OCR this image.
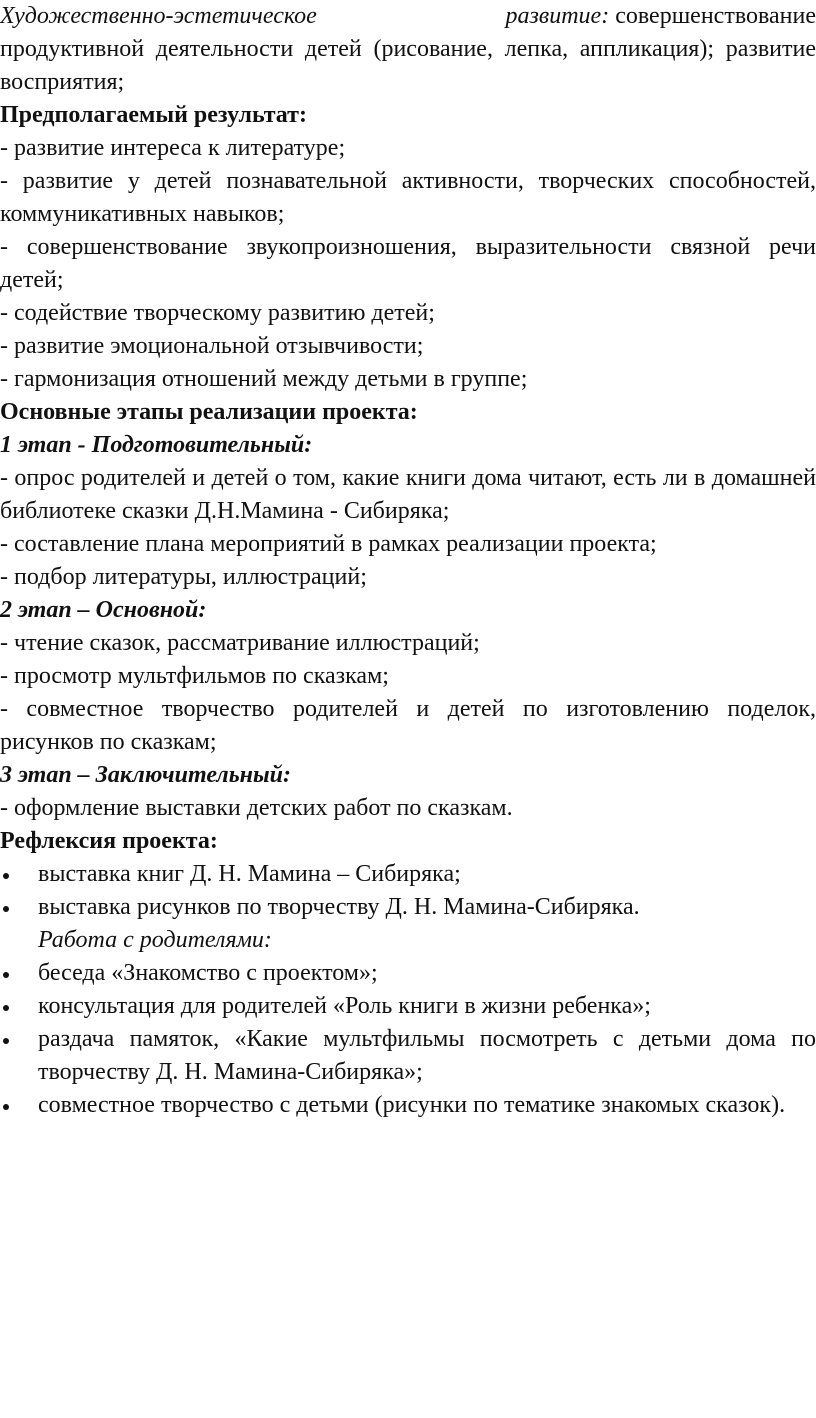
Художественно-эстетическое	развитие: совершенствование

продуктивной деятельности детей (рисование, лепка, аппликация); развитие восприятия;

Предполагаемый результат:

- развитие интереса к литературе;

- развитие у детей познавательной активности, творческих способностей, коммуникативных навыков;

- совершенствование звукопроизношения, выразительности связной речи детей;

- содействие творческому развитию детей;

- развитие эмоциональной отзывчивости;

- гармонизация отношений между детьми в группе;

Основные этапы реализации проекта:

1 этап - Подготовительный:

- опрос родителей и детей о том, какие книги дома читают, есть ли в домашней библиотеке сказки Д.Н.Мамина - Сибиряка;

- составление плана мероприятий в рамках реализации проекта;

- подбор литературы, иллюстраций;

2 этап – Основной:

- чтение сказок, рассматривание иллюстраций;

- просмотр мультфильмов по сказкам;

- совместное творчество родителей и детей по изготовлению поделок, рисунков по сказкам;

3 этап – Заключительный:

- оформление выставки детских работ по сказкам.

Рефлексия проекта:

выставка книг Д. Н. Мамина – Сибиряка;
выставка рисунков по творчеству Д. Н. Мамина-Сибиряка.

Работа с родителями:

беседа «Знакомство с проектом»;
консультация для родителей «Роль книги в жизни ребенка»;
раздача памяток, «Какие мультфильмы посмотреть с детьми дома по творчеству Д. Н. Мамина-Сибиряка»;
совместное творчество с детьми (рисунки по тематике знакомых сказок).
